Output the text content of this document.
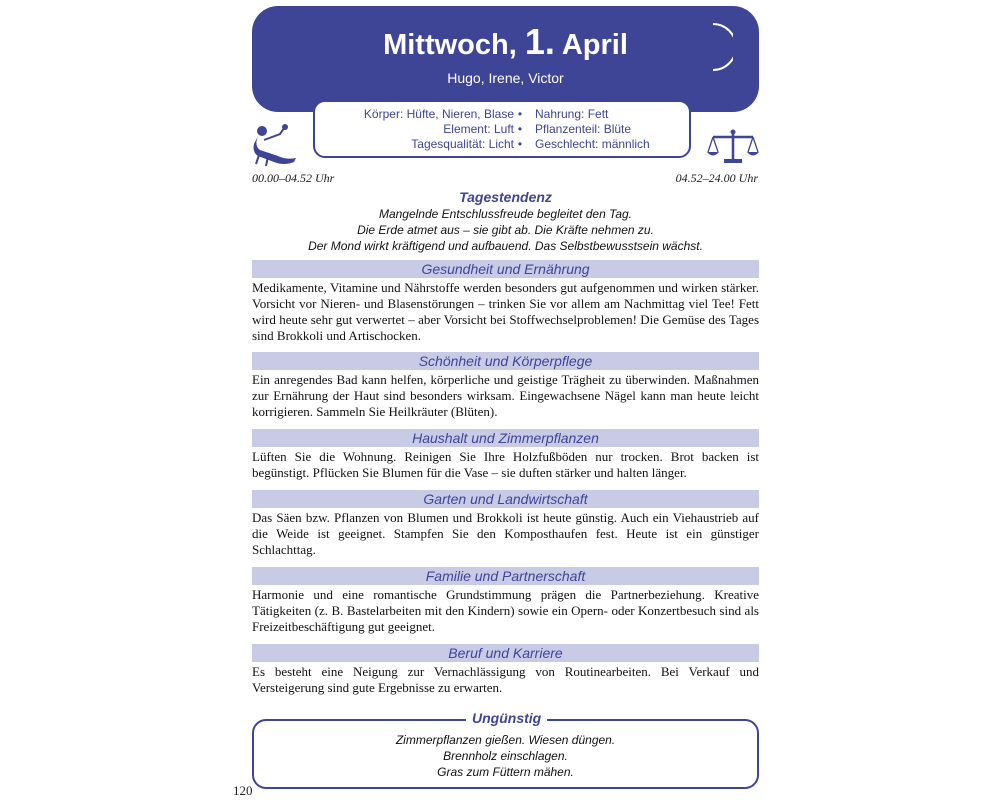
Mittwoch, 1. April
Hugo, Irene, Victor
Körper: Hüfte, Nieren, Blase • Nahrung: Fett
Element: Luft • Pflanzenteil: Blüte
Tagesqualität: Licht • Geschlecht: männlich
00.00–04.52 Uhr	04.52–24.00 Uhr
Tagestendenz

Mangelnde Entschlussfreude begleitet den Tag.

Die Erde atmet aus – sie gibt ab. Die Kräfte nehmen zu.

Der Mond wirkt kräftigend und aufbauend. Das Selbstbewusstsein wächst.

Gesundheit und Ernährung

Medikamente, Vitamine und Nährstoffe werden besonders gut aufgenommen und wirken stärker. Vorsicht vor Nieren- und Blasenstörungen – trinken Sie vor allem am Nachmittag viel Tee! Fett wird heute sehr gut verwertet – aber Vorsicht bei Stoffwechselproblemen! Die Gemüse des Tages sind Brokkoli und Artischocken.

Schönheit und Körperpflege

Ein anregendes Bad kann helfen, körperliche und geistige Trägheit zu überwinden. Maßnahmen zur Ernährung der Haut sind besonders wirksam. Eingewachsene Nägel kann man heute leicht korrigieren. Sammeln Sie Heilkräuter (Blüten).

Haushalt und Zimmerpflanzen

Lüften Sie die Wohnung. Reinigen Sie Ihre Holzfußböden nur trocken. Brot backen ist begünstigt. Pflücken Sie Blumen für die Vase – sie duften stärker und halten länger.

Garten und Landwirtschaft

Das Säen bzw. Pflanzen von Blumen und Brokkoli ist heute günstig. Auch ein Viehaustrieb auf die Weide ist geeignet. Stampfen Sie den Komposthaufen fest. Heute ist ein günstiger Schlachttag.

Familie und Partnerschaft

Harmonie und eine romantische Grundstimmung prägen die Partnerbeziehung. Kreative Tätigkeiten (z. B. Bastelarbeiten mit den Kindern) sowie ein Opern- oder Konzertbesuch sind als Freizeitbeschäftigung gut geeignet.

Beruf und Karriere

Es besteht eine Neigung zur Vernachlässigung von Routinearbeiten. Bei Verkauf und Versteigerung sind gute Ergebnisse zu erwarten.

Ungünstig
Zimmerpflanzen gießen. Wiesen düngen.
Brennholz einschlagen.
Gras zum Füttern mähen.
120
